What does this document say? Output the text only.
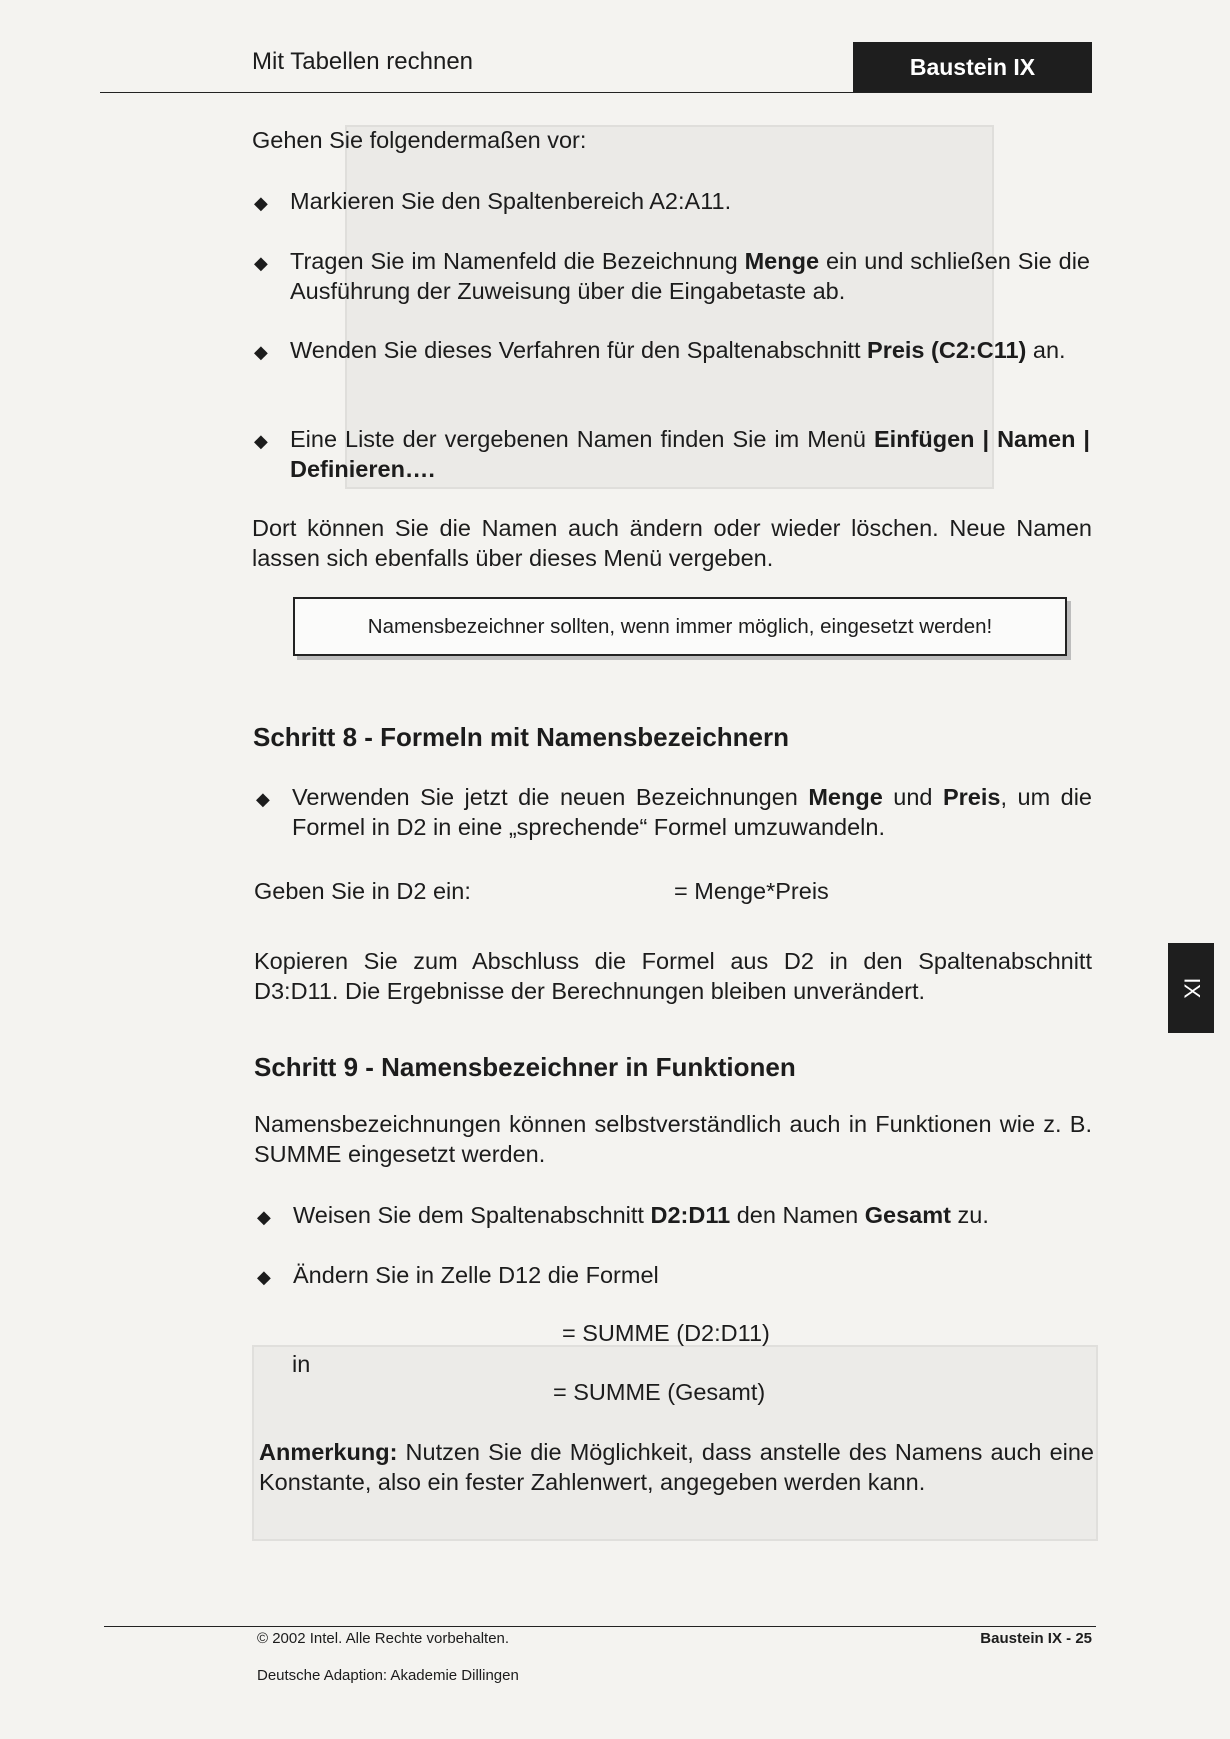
Mit Tabellen rechnen	Baustein IX
IX
Gehen Sie folgendermaßen vor:
◆ Markieren Sie den Spaltenbereich A2:A11.
◆ Tragen Sie im Namenfeld die Bezeichnung Menge ein und schließen Sie die Ausführung der Zuweisung über die Eingabetaste ab.
◆ Wenden Sie dieses Verfahren für den Spaltenabschnitt Preis (C2:C11) an.
◆ Eine Liste der vergebenen Namen finden Sie im Menü Einfügen | Namen | Definieren….
Dort können Sie die Namen auch ändern oder wieder löschen. Neue Namen lassen sich ebenfalls über dieses Menü vergeben.
Namensbezeichner sollten, wenn immer möglich, eingesetzt werden!
Schritt 8 - Formeln mit Namensbezeichnern
◆ Verwenden Sie jetzt die neuen Bezeichnungen Menge und Preis, um die Formel in D2 in eine „sprechende“ Formel umzuwandeln.
Geben Sie in D2 ein:	= Menge*Preis
Kopieren Sie zum Abschluss die Formel aus D2 in den Spaltenabschnitt D3:D11. Die Ergebnisse der Berechnungen bleiben unverändert.
Schritt 9 - Namensbezeichner in Funktionen
Namensbezeichnungen können selbstverständlich auch in Funktionen wie z. B. SUMME eingesetzt werden.
◆ Weisen Sie dem Spaltenabschnitt D2:D11 den Namen Gesamt zu.
◆ Ändern Sie in Zelle D12 die Formel
= SUMME (D2:D11)
in
= SUMME (Gesamt)
Anmerkung: Nutzen Sie die Möglichkeit, dass anstelle des Namens auch eine Konstante, also ein fester Zahlenwert, angegeben werden kann.
© 2002 Intel. Alle Rechte vorbehalten.
Deutsche Adaption: Akademie Dillingen
Baustein IX - 25
